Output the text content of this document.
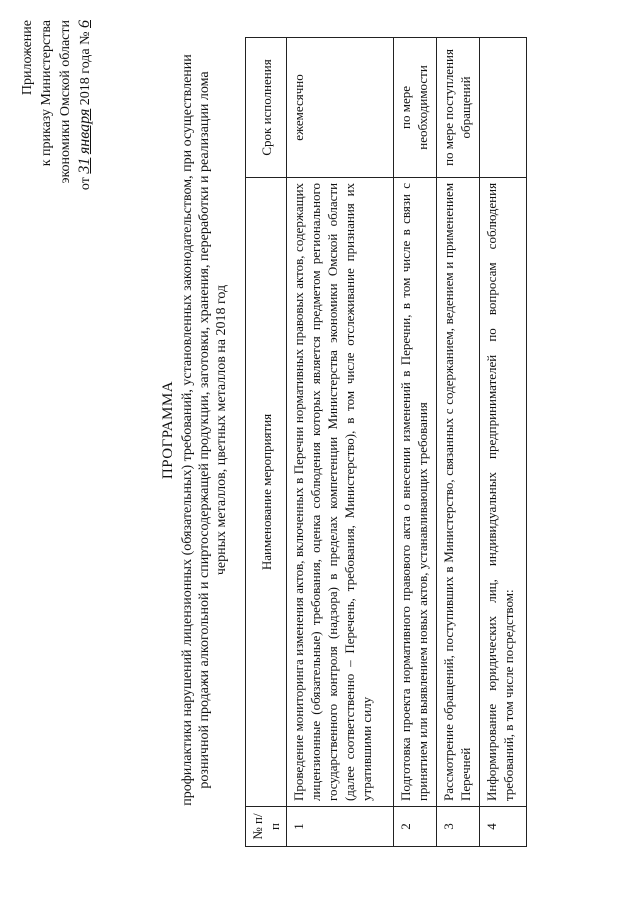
Приложение к приказу Министерства экономики Омской области
от 31 января 2018 года № 6
ПРОГРАММА профилактики нарушений лицензионных (обязательных) требований, установленных законодательством, при осуществлении розничной продажи алкогольной и спиртосодержащей продукции, заготовки, хранения, переработки и реализации лома черных металлов, цветных металлов на 2018 год
№ п/п	Наименование мероприятия	Срок исполнения
1	Проведение мониторинга изменения актов, включенных в Перечни нормативных правовых актов, содержащих лицензионные (обязательные) требования, оценка соблюдения которых является предметом регионального государственного контроля (надзора) в пределах компетенции Министерства экономики Омской области (далее соответственно – Перечень, требования, Министерство), в том числе отслеживание признания их утратившими силу	ежемесячно
2	Подготовка проекта нормативного правового акта о внесении изменений в Перечни, в том числе в связи с принятием или выявлением новых актов, устанавливающих требования	по мере необходимости
3	Рассмотрение обращений, поступивших в Министерство, связанных с содержанием, ведением и применением Перечней	по мере поступления обращений
4	Информирование юридических лиц, индивидуальных предпринимателей по вопросам соблюдения требований, в том числе посредством:	
